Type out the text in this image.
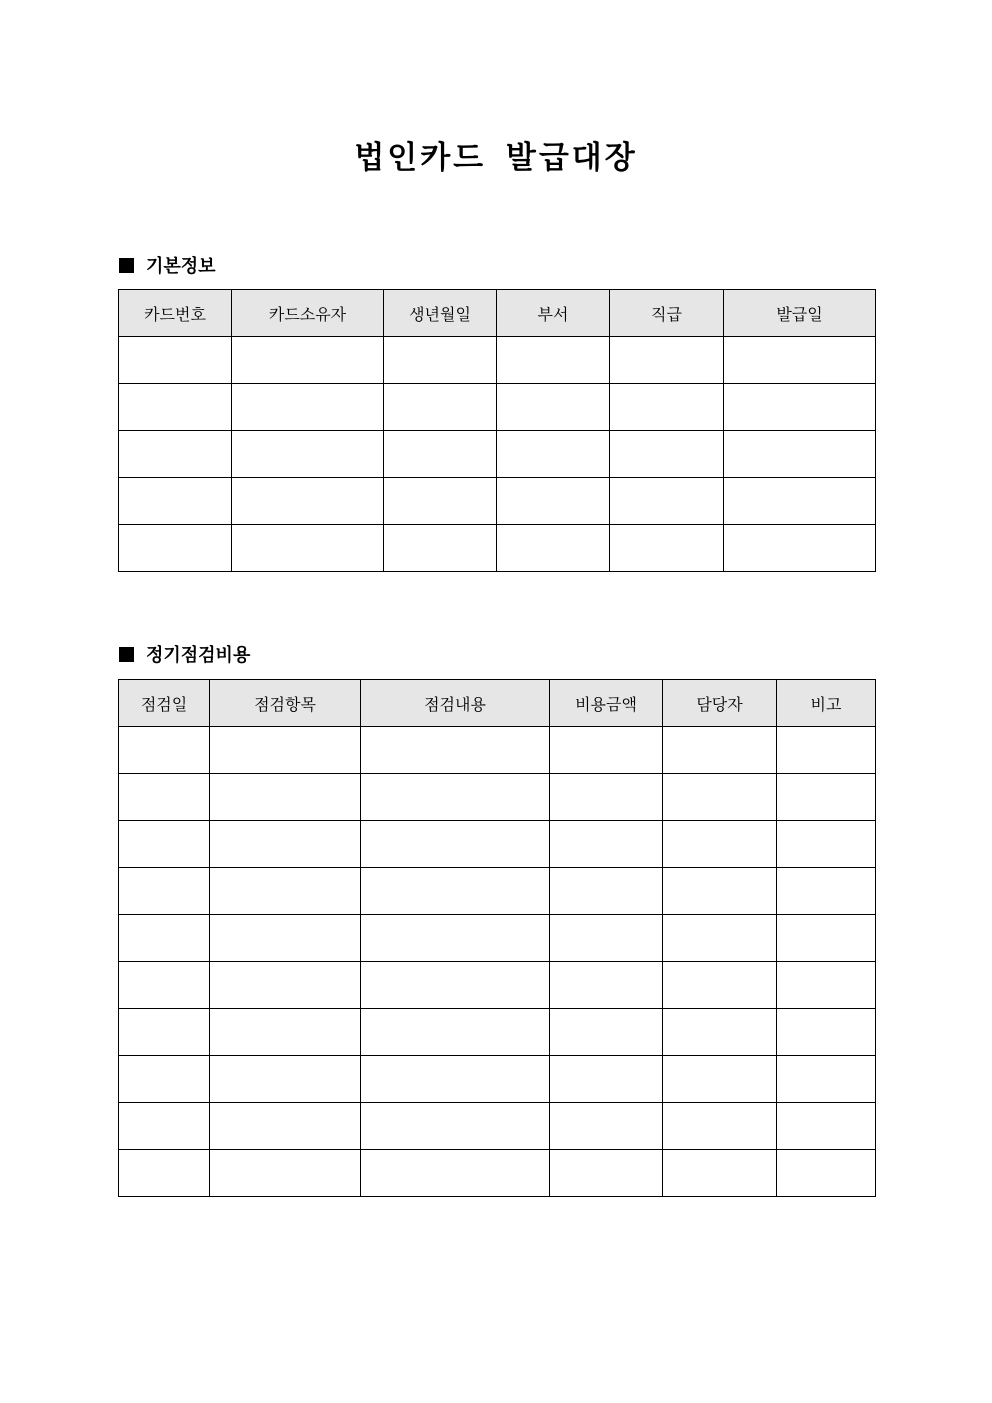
법인카드 발급대장
기본정보
카드번호	카드소유자	생년월일	부서	직급	발급일

정기점검비용
점검일	점검항목	점검내용	비용금액	담당자	비고
